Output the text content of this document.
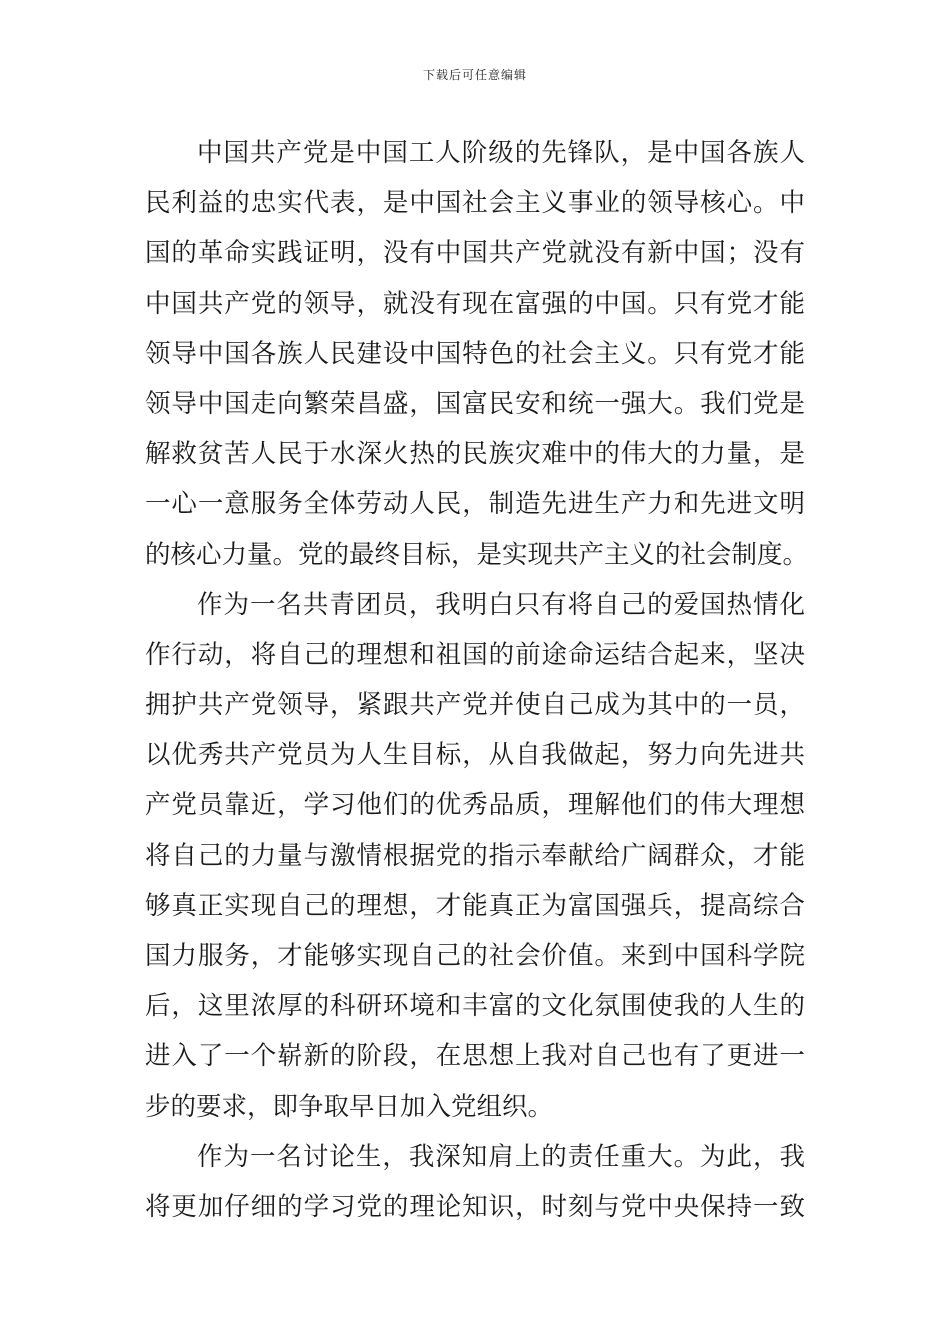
下载后可任意编辑
中国共产党是中国工人阶级的先锋队，是中国各族人
民利益的忠实代表，是中国社会主义事业的领导核心。中
国的革命实践证明，没有中国共产党就没有新中国；没有
中国共产党的领导，就没有现在富强的中国。只有党才能
领导中国各族人民建设中国特色的社会主义。只有党才能
领导中国走向繁荣昌盛，国富民安和统一强大。我们党是
解救贫苦人民于水深火热的民族灾难中的伟大的力量，是
一心一意服务全体劳动人民，制造先进生产力和先进文明
的核心力量。党的最终目标，是实现共产主义的社会制度。
作为一名共青团员，我明白只有将自己的爱国热情化
作行动，将自己的理想和祖国的前途命运结合起来，坚决
拥护共产党领导，紧跟共产党并使自己成为其中的一员，
以优秀共产党员为人生目标，从自我做起，努力向先进共
产党员靠近，学习他们的优秀品质，理解他们的伟大理想
将自己的力量与激情根据党的指示奉献给广阔群众，才能
够真正实现自己的理想，才能真正为富国强兵，提高综合
国力服务，才能够实现自己的社会价值。来到中国科学院
后，这里浓厚的科研环境和丰富的文化氛围使我的人生的
进入了一个崭新的阶段，在思想上我对自己也有了更进一
步的要求，即争取早日加入党组织。
作为一名讨论生，我深知肩上的责任重大。为此，我
将更加仔细的学习党的理论知识，时刻与党中央保持一致
